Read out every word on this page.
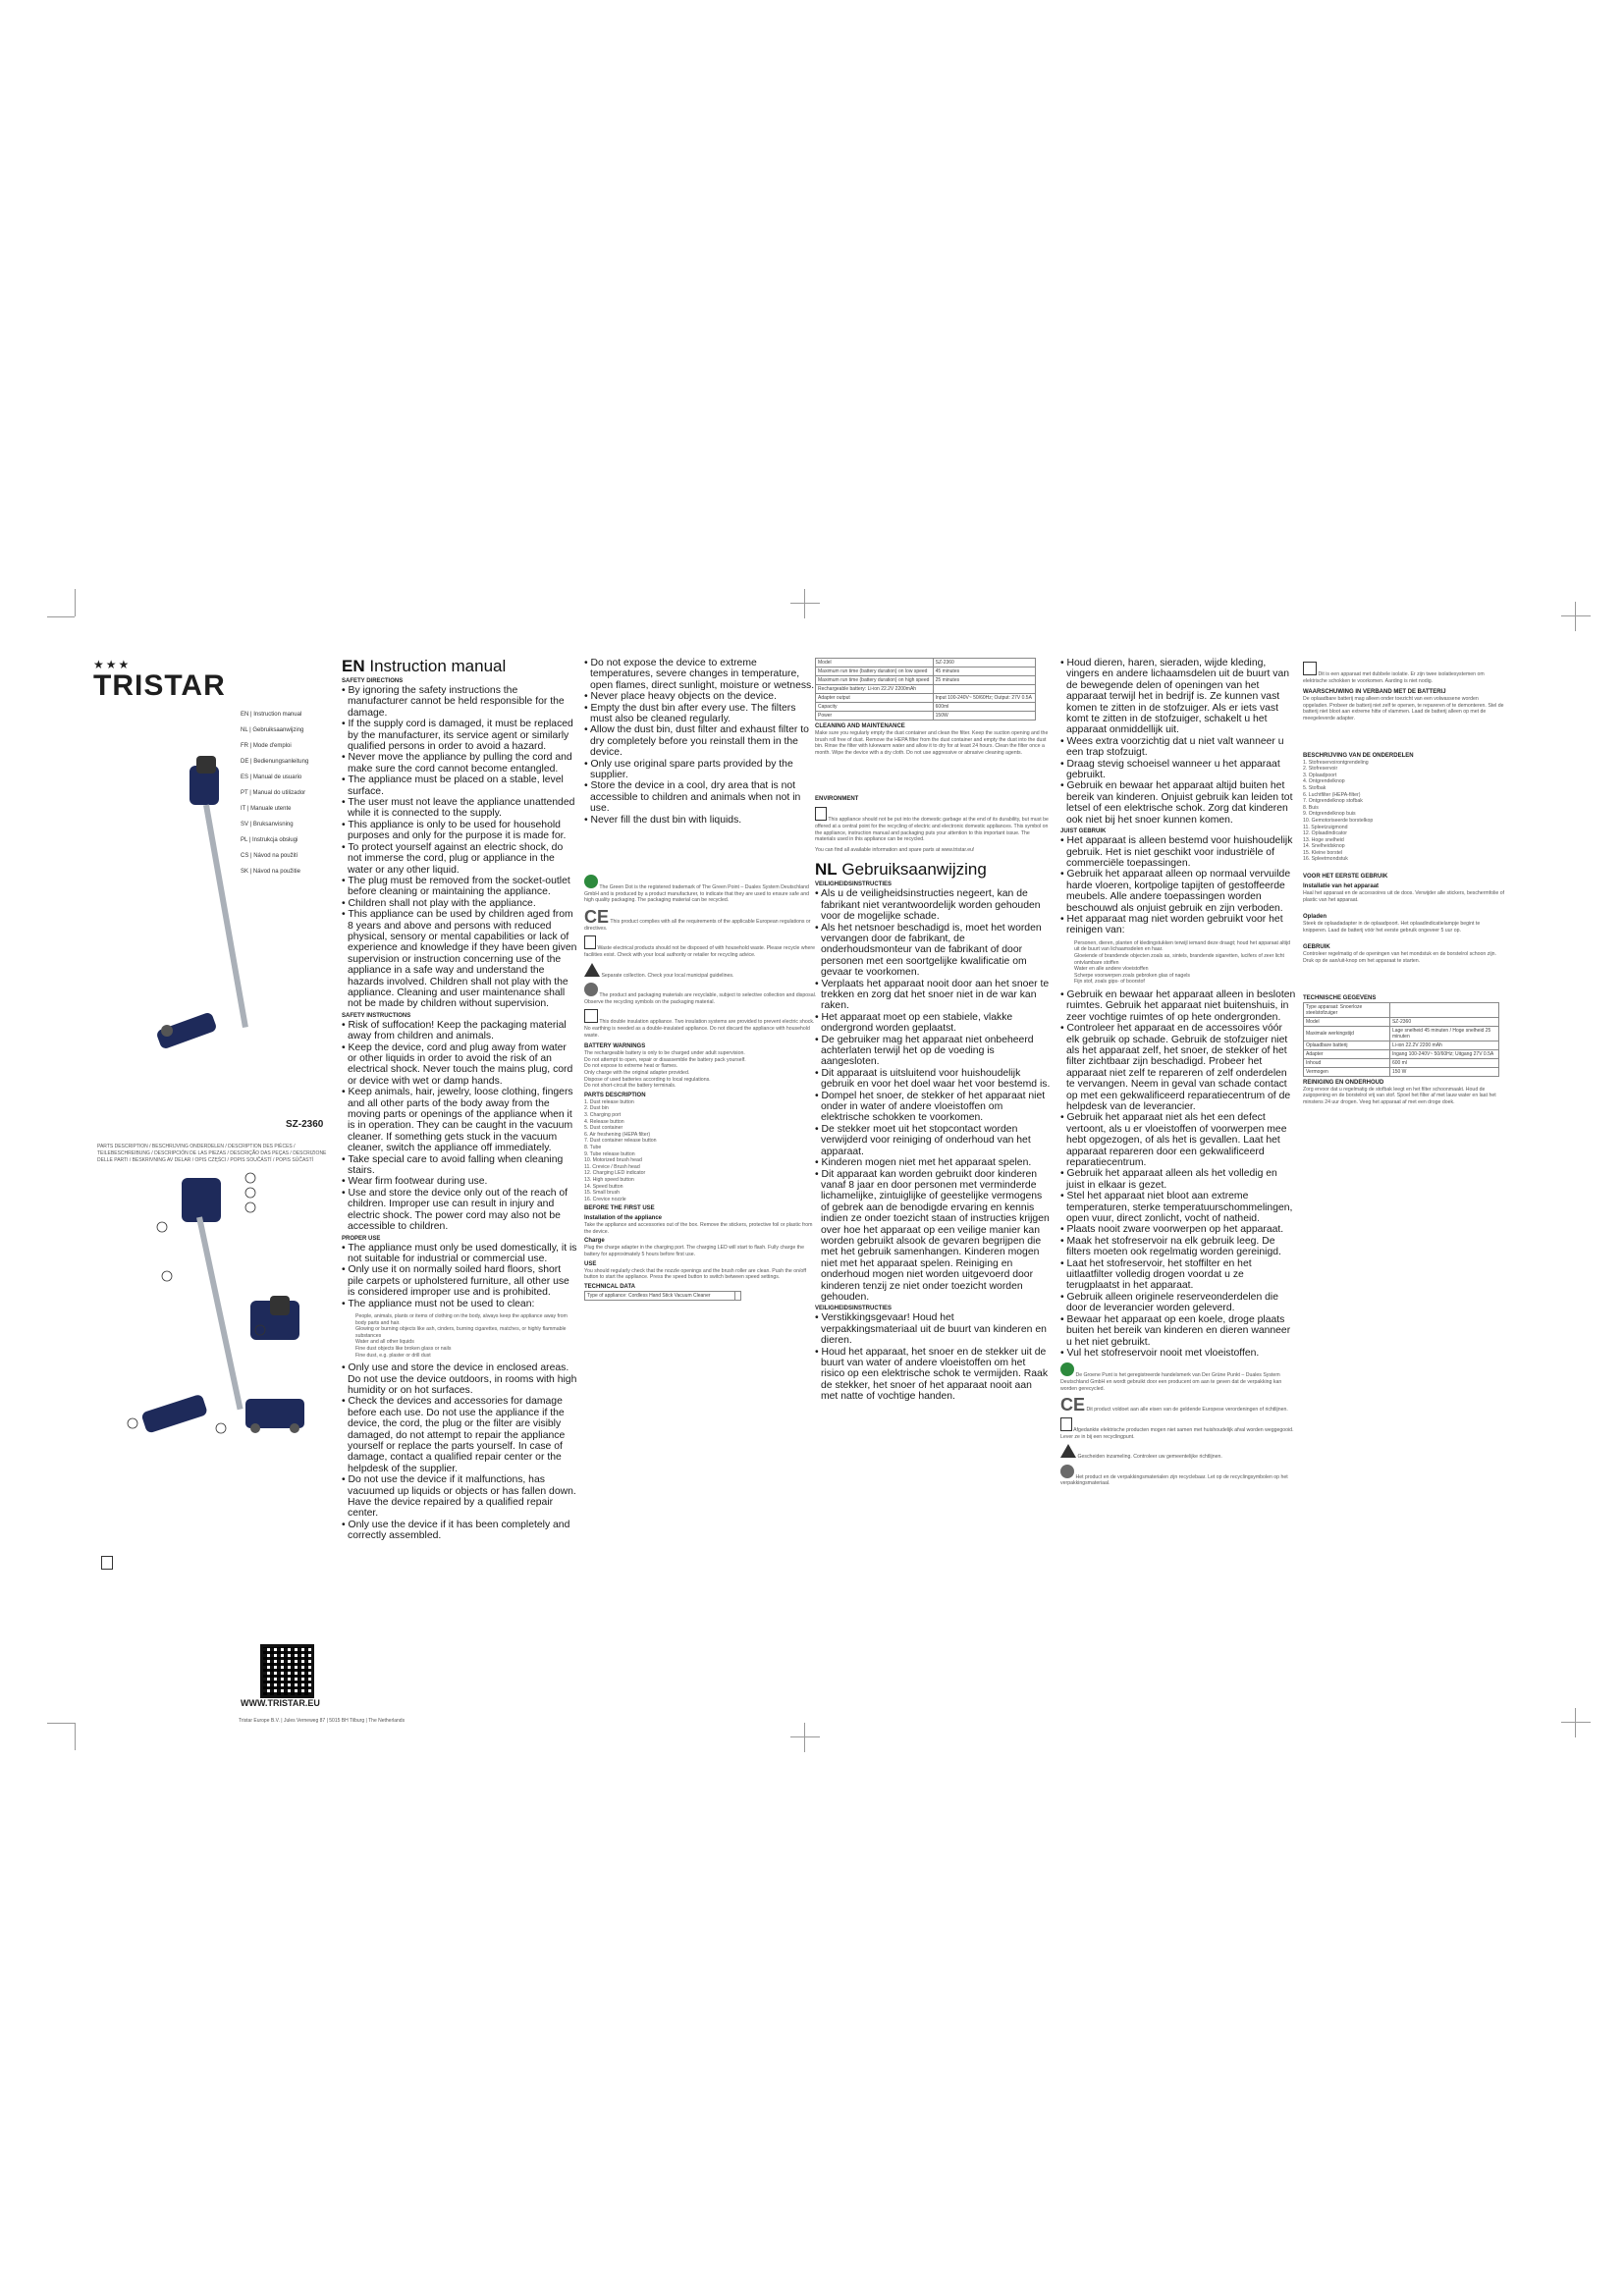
★★★
TRISTAR
EN | Instruction manual
NL | Gebruiksaanwijzing
FR | Mode d'emploi
DE | Bedienungsanleitung
ES | Manual de usuario
PT | Manual do utilizador
IT | Manuale utente
SV | Bruksanvisning
PL | Instrukcja obsługi
CS | Návod na použití
SK | Návod na použitie
SZ-2360
PARTS DESCRIPTION / BESCHRIJVING ONDERDELEN / DESCRIPTION DES PIÈCES / TEILEBESCHREIBUNG / DESCRIPCIÓN DE LAS PIEZAS / DESCRIÇÃO DAS PEÇAS / DESCRIZIONE DELLE PARTI / BESKRIVNING AV DELAR / OPIS CZĘŚCI / POPIS SOUČÁSTÍ / POPIS SÚČASTÍ
WWW.TRISTAR.EU
Tristar Europe B.V. | Jules Verneweg 87 | 5015 BH Tilburg | The Netherlands
EN Instruction manual
SAFETY DIRECTIONS
• By ignoring the safety instructions the manufacturer cannot be held responsible for the damage.
• If the supply cord is damaged, it must be replaced by the manufacturer, its service agent or similarly qualified persons in order to avoid a hazard.
• Never move the appliance by pulling the cord and make sure the cord cannot become entangled.
• The appliance must be placed on a stable, level surface.
• The user must not leave the appliance unattended while it is connected to the supply.
• This appliance is only to be used for household purposes and only for the purpose it is made for.
• To protect yourself against an electric shock, do not immerse the cord, plug or appliance in the water or any other liquid.
• The plug must be removed from the socket-outlet before cleaning or maintaining the appliance.
• Children shall not play with the appliance.
• This appliance can be used by children aged from 8 years and above and persons with reduced physical, sensory or mental capabilities or lack of experience and knowledge if they have been given supervision or instruction concerning use of the appliance in a safe way and understand the hazards involved. Children shall not play with the appliance. Cleaning and user maintenance shall not be made by children without supervision.
SAFETY INSTRUCTIONS
• Risk of suffocation! Keep the packaging material away from children and animals.
• Keep the device, cord and plug away from water or other liquids in order to avoid the risk of an electrical shock. Never touch the mains plug, cord or device with wet or damp hands.
• Keep animals, hair, jewelry, loose clothing, fingers and all other parts of the body away from the moving parts or openings of the appliance when it is in operation. They can be caught in the vacuum cleaner. If something gets stuck in the vacuum cleaner, switch the appliance off immediately.
• Take special care to avoid falling when cleaning stairs.
• Wear firm footwear during use.
• Use and store the device only out of the reach of children. Improper use can result in injury and electric shock. The power cord may also not be accessible to children.
PROPER USE
• The appliance must only be used domestically, it is not suitable for industrial or commercial use.
• Only use it on normally soiled hard floors, short pile carpets or upholstered furniture, all other use is considered improper use and is prohibited.
• The appliance must not be used to clean:
People, animals, plants or items of clothing on the body, always keep the appliance away from body parts and hair.
Glowing or burning objects like ash, cinders, burning cigarettes, matches, or highly flammable substances
Water and all other liquids
Fine dust objects like broken glass or nails
Fine dust, e.g. plaster or drill dust
• Only use and store the device in enclosed areas. Do not use the device outdoors, in rooms with high humidity or on hot surfaces.
• Check the devices and accessories for damage before each use. Do not use the appliance if the device, the cord, the plug or the filter are visibly damaged, do not attempt to repair the appliance yourself or replace the parts yourself. In case of damage, contact a qualified repair center or the helpdesk of the supplier.
• Do not use the device if it malfunctions, has vacuumed up liquids or objects or has fallen down. Have the device repaired by a qualified repair center.
• Only use the device if it has been completely and correctly assembled.
• Do not expose the device to extreme temperatures, severe changes in temperature, open flames, direct sunlight, moisture or wetness.
• Never place heavy objects on the device.
• Empty the dust bin after every use. The filters must also be cleaned regularly.
• Allow the dust bin, dust filter and exhaust filter to dry completely before you reinstall them in the device.
• Only use original spare parts provided by the supplier.
• Store the device in a cool, dry area that is not accessible to children and animals when not in use.
• Never fill the dust bin with liquids.
The Green Dot is the registered trademark of The Green Point – Duales System Deutschland GmbH and is produced by a product manufacturer, to indicate that they are used to ensure safe and high quality packaging. The packaging material can be recycled.
CE This product complies with all the requirements of the applicable European regulations or directives.
Waste electrical products should not be disposed of with household waste. Please recycle where facilities exist. Check with your local authority or retailer for recycling advice.
Separate collection. Check your local municipal guidelines.
The product and packaging materials are recyclable, subject to selective collection and disposal. Observe the recycling symbols on the packaging material.
This double insulation appliance. Two insulation systems are provided to prevent electric shock. No earthing is needed as a double-insulated appliance. Do not discard the appliance with household waste.
BATTERY WARNINGS
The rechargeable battery is only to be charged under adult supervision.
Do not attempt to open, repair or disassemble the battery pack yourself.
Do not expose to extreme heat or flames.
Only charge with the original adapter provided.
Dispose of used batteries according to local regulations.
Do not short-circuit the battery terminals.
PARTS DESCRIPTION
1. Dust release button
2. Dust bin
3. Charging port
4. Release button
5. Dust container
6. Air freshening (HEPA filter)
7. Dust container release button
8. Tube
9. Tube release button
10. Motorized brush head
11. Crevice / Brush head
12. Charging LED indicator
13. High speed button
14. Speed button
15. Small brush
16. Crevice nozzle
BEFORE THE FIRST USE
Installation of the appliance
Take the appliance and accessories out of the box. Remove the stickers, protective foil or plastic from the device.
Charge
Plug the charge adapter in the charging port. The charging LED will start to flash. Fully charge the battery for approximately 5 hours before first use.
USE
You should regularly check that the nozzle openings and the brush roller are clean. Push the on/off button to start the appliance. Press the speed button to switch between speed settings.
TECHNICAL DATA
Type of appliance: Cordless Hand Stick Vacuum Cleaner	
Model	SZ-2360
Maximum run time (battery duration) on low speed	45 minutes
Maximum run time (battery duration) on high speed	25 minutes
Rechargeable battery: Li-ion 22.2V 2200mAh	
Adapter output	Input 100-240V~ 50/60Hz; Output: 27V 0.5A
Capacity	600ml
Power	150W
CLEANING AND MAINTENANCE
Make sure you regularly empty the dust container and clean the filter. Keep the suction opening and the brush roll free of dust. Remove the HEPA filter from the dust container and empty the dust into the dust bin. Rinse the filter with lukewarm water and allow it to dry for at least 24 hours. Clean the filter once a month. Wipe the device with a dry cloth. Do not use aggressive or abrasive cleaning agents.
ENVIRONMENT
This appliance should not be put into the domestic garbage at the end of its durability, but must be offered at a central point for the recycling of electric and electronic domestic appliances. This symbol on the appliance, instruction manual and packaging puts your attention to this important issue. The materials used in this appliance can be recycled.
You can find all available information and spare parts at www.tristar.eu!
NL Gebruiksaanwijzing
VEILIGHEIDSINSTRUCTIES
• Als u de veiligheidsinstructies negeert, kan de fabrikant niet verantwoordelijk worden gehouden voor de mogelijke schade.
• Als het netsnoer beschadigd is, moet het worden vervangen door de fabrikant, de onderhoudsmonteur van de fabrikant of door personen met een soortgelijke kwalificatie om gevaar te voorkomen.
• Verplaats het apparaat nooit door aan het snoer te trekken en zorg dat het snoer niet in de war kan raken.
• Het apparaat moet op een stabiele, vlakke ondergrond worden geplaatst.
• De gebruiker mag het apparaat niet onbeheerd achterlaten terwijl het op de voeding is aangesloten.
• Dit apparaat is uitsluitend voor huishoudelijk gebruik en voor het doel waar het voor bestemd is.
• Dompel het snoer, de stekker of het apparaat niet onder in water of andere vloeistoffen om elektrische schokken te voorkomen.
• De stekker moet uit het stopcontact worden verwijderd voor reiniging of onderhoud van het apparaat.
• Kinderen mogen niet met het apparaat spelen.
• Dit apparaat kan worden gebruikt door kinderen vanaf 8 jaar en door personen met verminderde lichamelijke, zintuiglijke of geestelijke vermogens of gebrek aan de benodigde ervaring en kennis indien ze onder toezicht staan of instructies krijgen over hoe het apparaat op een veilige manier kan worden gebruikt alsook de gevaren begrijpen die met het gebruik samenhangen. Kinderen mogen niet met het apparaat spelen. Reiniging en onderhoud mogen niet worden uitgevoerd door kinderen tenzij ze niet onder toezicht worden gehouden.
VEILIGHEIDSINSTRUCTIES
• Verstikkingsgevaar! Houd het verpakkingsmateriaal uit de buurt van kinderen en dieren.
• Houd het apparaat, het snoer en de stekker uit de buurt van water of andere vloeistoffen om het risico op een elektrische schok te vermijden. Raak de stekker, het snoer of het apparaat nooit aan met natte of vochtige handen.
• Houd dieren, haren, sieraden, wijde kleding, vingers en andere lichaamsdelen uit de buurt van de bewegende delen of openingen van het apparaat terwijl het in bedrijf is. Ze kunnen vast komen te zitten in de stofzuiger. Als er iets vast komt te zitten in de stofzuiger, schakelt u het apparaat onmiddellijk uit.
• Wees extra voorzichtig dat u niet valt wanneer u een trap stofzuigt.
• Draag stevig schoeisel wanneer u het apparaat gebruikt.
• Gebruik en bewaar het apparaat altijd buiten het bereik van kinderen. Onjuist gebruik kan leiden tot letsel of een elektrische schok. Zorg dat kinderen ook niet bij het snoer kunnen komen.
JUIST GEBRUIK
• Het apparaat is alleen bestemd voor huishoudelijk gebruik. Het is niet geschikt voor industriële of commerciële toepassingen.
• Gebruik het apparaat alleen op normaal vervuilde harde vloeren, kortpolige tapijten of gestoffeerde meubels. Alle andere toepassingen worden beschouwd als onjuist gebruik en zijn verboden.
• Het apparaat mag niet worden gebruikt voor het reinigen van:
Personen, dieren, planten of kledingstukken terwijl iemand deze draagt; houd het apparaat altijd uit de buurt van lichaamsdelen en haar.
Gloeiende of brandende objecten zoals as, sintels, brandende sigaretten, lucifers of zeer licht ontvlambare stoffen
Water en alle andere vloeistoffen
Scherpe voorwerpen zoals gebroken glas of nagels
Fijn stof, zoals gips- of boorstof
• Gebruik en bewaar het apparaat alleen in besloten ruimtes. Gebruik het apparaat niet buitenshuis, in zeer vochtige ruimtes of op hete ondergronden.
• Controleer het apparaat en de accessoires vóór elk gebruik op schade. Gebruik de stofzuiger niet als het apparaat zelf, het snoer, de stekker of het filter zichtbaar zijn beschadigd. Probeer het apparaat niet zelf te repareren of zelf onderdelen te vervangen. Neem in geval van schade contact op met een gekwalificeerd reparatiecentrum of de helpdesk van de leverancier.
• Gebruik het apparaat niet als het een defect vertoont, als u er vloeistoffen of voorwerpen mee hebt opgezogen, of als het is gevallen. Laat het apparaat repareren door een gekwalificeerd reparatiecentrum.
• Gebruik het apparaat alleen als het volledig en juist in elkaar is gezet.
• Stel het apparaat niet bloot aan extreme temperaturen, sterke temperatuurschommelingen, open vuur, direct zonlicht, vocht of natheid.
• Plaats nooit zware voorwerpen op het apparaat.
• Maak het stofreservoir na elk gebruik leeg. De filters moeten ook regelmatig worden gereinigd.
• Laat het stofreservoir, het stoffilter en het uitlaatfilter volledig drogen voordat u ze terugplaatst in het apparaat.
• Gebruik alleen originele reserveonderdelen die door de leverancier worden geleverd.
• Bewaar het apparaat op een koele, droge plaats buiten het bereik van kinderen en dieren wanneer u het niet gebruikt.
• Vul het stofreservoir nooit met vloeistoffen.
De Groene Punt is het geregistreerde handelsmerk van Der Grüne Punkt – Duales System Deutschland GmbH en wordt gebruikt door een producent om aan te geven dat de verpakking kan worden gerecycled.
CE Dit product voldoet aan alle eisen van de geldende Europese verordeningen of richtlijnen.
Afgedankte elektrische producten mogen niet samen met huishoudelijk afval worden weggegooid. Lever ze in bij een recyclingpunt.
Gescheiden inzameling. Controleer uw gemeentelijke richtlijnen.
Het product en de verpakkingsmaterialen zijn recyclebaar. Let op de recyclingsymbolen op het verpakkingsmateriaal.
Dit is een apparaat met dubbele isolatie. Er zijn twee isolatiesystemen om elektrische schokken te voorkomen. Aarding is niet nodig.
WAARSCHUWING IN VERBAND MET DE BATTERIJ
De oplaadbare batterij mag alleen onder toezicht van een volwassene worden opgeladen. Probeer de batterij niet zelf te openen, te repareren of te demonteren. Stel de batterij niet bloot aan extreme hitte of vlammen. Laad de batterij alleen op met de meegeleverde adapter.
BESCHRIJVING VAN DE ONDERDELEN
1. Stofreservoirontgrendeling
2. Stofreservoir
3. Oplaadpoort
4. Ontgrendelknop
5. Stofbak
6. Luchtfilter (HEPA-filter)
7. Ontgrendelknop stofbak
8. Buis
9. Ontgrendelknop buis
10. Gemotoriseerde borstelkop
11. Spleetzuigmond
12. Oplaadindicator
13. Hoge snelheid
14. Snelheidsknop
15. Kleine borstel
16. Spleetmondstuk
VOOR HET EERSTE GEBRUIK
Installatie van het apparaat
Haal het apparaat en de accessoires uit de doos. Verwijder alle stickers, beschermfolie of plastic van het apparaat.
Opladen
Steek de oplaadadapter in de oplaadpoort. Het oplaadindicatielampje begint te knipperen. Laad de batterij vóór het eerste gebruik ongeveer 5 uur op.
GEBRUIK
Controleer regelmatig of de openingen van het mondstuk en de borstelrol schoon zijn. Druk op de aan/uit-knop om het apparaat te starten.
TECHNISCHE GEGEVENS
Type apparaat: Snoerloze steelstofzuiger	
Model	SZ-2360
Maximale werkingstijd	Lage snelheid 45 minuten / Hoge snelheid 25 minuten
Oplaadbare batterij	Li-ion 22.2V 2200 mAh
Adapter	Ingang 100-240V~ 50/60Hz; Uitgang 27V 0.5A
Inhoud	600 ml
Vermogen	150 W
REINIGING EN ONDERHOUD
Zorg ervoor dat u regelmatig de stofbak leegt en het filter schoonmaakt. Houd de zuigopening en de borstelrol vrij van stof. Spoel het filter af met lauw water en laat het minstens 24 uur drogen. Veeg het apparaat af met een droge doek.
